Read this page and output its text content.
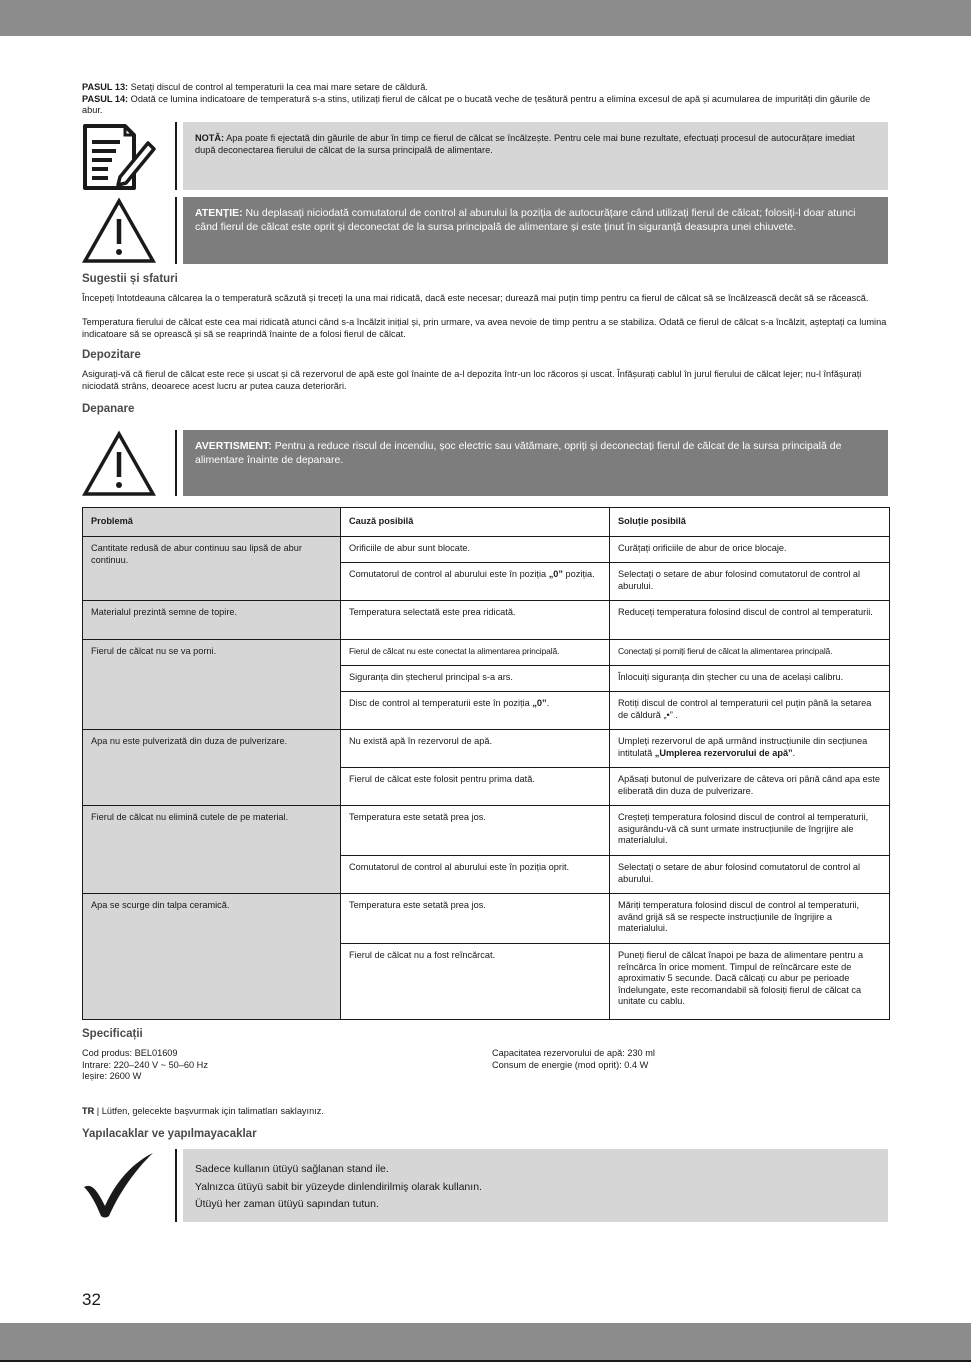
PASUL 13: Setați discul de control al temperaturii la cea mai mare setare de căldură.
PASUL 14: Odată ce lumina indicatoare de temperatură s-a stins, utilizați fierul de călcat pe o bucată veche de țesătură pentru a elimina excesul de apă și acumularea de impurități din găurile de abur.
NOTĂ: Apa poate fi ejectată din găurile de abur în timp ce fierul de călcat se încălzește. Pentru cele mai bune rezultate, efectuați procesul de autocurățare imediat după deconectarea fierului de călcat de la sursa principală de alimentare.
ATENȚIE: Nu deplasați niciodată comutatorul de control al aburului la poziția de autocurățare când utilizați fierul de călcat; folosiți-l doar atunci când fierul de călcat este oprit și deconectat de la sursa principală de alimentare și este ținut în siguranță deasupra unei chiuvete.
Sugestii și sfaturi

Începeți întotdeauna călcarea la o temperatură scăzută și treceți la una mai ridicată, dacă este necesar; durează mai puțin timp pentru ca fierul de călcat să se încălzească decât să se răcească.

Temperatura fierului de călcat este cea mai ridicată atunci când s-a încălzit inițial și, prin urmare, va avea nevoie de timp pentru a se stabiliza. Odată ce fierul de călcat s-a încălzit, așteptați ca lumina indicatoare să se oprească și să se reaprindă înainte de a folosi fierul de călcat.

Depozitare

Asigurați-vă că fierul de călcat este rece și uscat și că rezervorul de apă este gol înainte de a-l depozita într-un loc răcoros și uscat. Înfășurați cablul în jurul fierului de călcat lejer; nu-l înfășurați niciodată strâns, deoarece acest lucru ar putea cauza deteriorări.

Depanare
AVERTISMENT: Pentru a reduce riscul de incendiu, șoc electric sau vătămare, opriți și deconectați fierul de călcat de la sursa principală de alimentare înainte de depanare.
Problemă	Cauză posibilă	Soluție posibilă
Cantitate redusă de abur continuu sau lipsă de abur continuu.	Orificiile de abur sunt blocate.	Curățați orificiile de abur de orice blocaje.
	Comutatorul de control al aburului este în poziția „0” poziția.	Selectați o setare de abur folosind comutatorul de control al aburului.
Materialul prezintă semne de topire.	Temperatura selectată este prea ridicată.	Reduceți temperatura folosind discul de control al temperaturii.
Fierul de călcat nu se va porni.	Fierul de călcat nu este conectat la alimentarea principală.	Conectați și porniți fierul de călcat la alimentarea principală.
	Siguranța din ștecherul principal s-a ars.	Înlocuiți siguranța din ștecher cu una de același calibru.
	Disc de control al temperaturii este în poziția „0”.	Rotiți discul de control al temperaturii cel puțin până la setarea de căldură „•” .
Apa nu este pulverizată din duza de pulverizare.	Nu există apă în rezervorul de apă.	Umpleți rezervorul de apă urmând instrucțiunile din secțiunea intitulată „Umplerea rezervorului de apă”.
	Fierul de călcat este folosit pentru prima dată.	Apăsați butonul de pulverizare de câteva ori până când apa este eliberată din duza de pulverizare.
Fierul de călcat nu elimină cutele de pe material.	Temperatura este setată prea jos.	Creșteți temperatura folosind discul de control al temperaturii, asigurându-vă că sunt urmate instrucțiunile de îngrijire ale materialului.
	Comutatorul de control al aburului este în poziția oprit.	Selectați o setare de abur folosind comutatorul de control al aburului.
Apa se scurge din talpa ceramică.	Temperatura este setată prea jos.	Măriți temperatura folosind discul de control al temperaturii, având grijă să se respecte instrucțiunile de îngrijire a materialului.
	Fierul de călcat nu a fost reîncărcat.	Puneți fierul de călcat înapoi pe baza de alimentare pentru a reîncărca în orice moment. Timpul de reîncărcare este de aproximativ 5 secunde. Dacă călcați cu abur pe perioade îndelungate, este recomandabil să folosiți fierul de călcat ca unitate cu cablu.
Specificații
Cod produs: BEL01609
Intrare: 220–240 V ~ 50–60 Hz
Ieșire: 2600 W
Capacitatea rezervorului de apă: 230 ml
Consum de energie (mod oprit): 0.4 W
TR | Lütfen, gelecekte başvurmak için talimatları saklayınız.
Yapılacaklar ve yapılmayacaklar
Sadece kullanın ütüyü sağlanan stand ile.
Yalnızca ütüyü sabit bir yüzeyde dinlendirilmiş olarak kullanın.
Ütüyü her zaman ütüyü sapından tutun.
32
